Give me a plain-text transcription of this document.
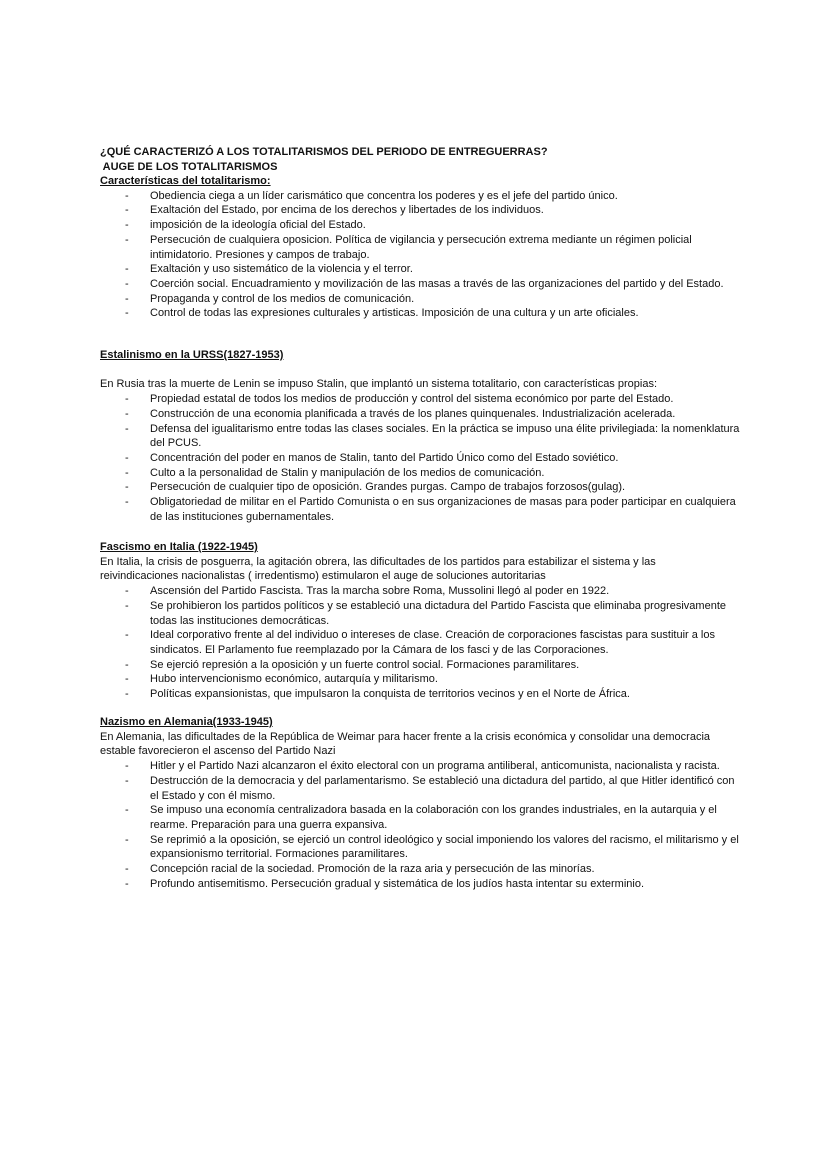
¿QUÉ CARACTERIZÓ A LOS TOTALITARISMOS DEL PERIODO DE ENTREGUERRAS?
AUGE DE LOS TOTALITARISMOS
Características del totalitarismo:
- Obediencia ciega a un líder carismático que concentra los poderes y es el jefe del partido único.
- Exaltación del Estado, por encima de los derechos y libertades de los individuos.
- imposición de la ideología oficial del Estado.
- Persecución de cualquiera oposicion. Política de vigilancia y persecución extrema mediante un régimen policial intimidatorio. Presiones y campos de trabajo.
- Exaltación y uso sistemático de la violencia y el terror.
- Coerción social. Encuadramiento y movilización de las masas a través de las organizaciones del partido y del Estado.
- Propaganda y control de los medios de comunicación.
- Control de todas las expresiones culturales y artisticas. Imposición de una cultura y un arte oficiales.
Estalinismo en la URSS(1827-1953)

En Rusia tras la muerte de Lenin se impuso Stalin, que implantó un sistema totalitario, con características propias:

- Propiedad estatal de todos los medios de producción y control del sistema económico por parte del Estado.
- Construcción de una economia planificada a través de los planes quinquenales. Industrialización acelerada.
- Defensa del igualitarismo entre todas las clases sociales. En la práctica se impuso una élite privilegiada: la nomenklatura del PCUS.
- Concentración del poder en manos de Stalin, tanto del Partido Único como del Estado soviético.
- Culto a la personalidad de Stalin y manipulación de los medios de comunicación.
- Persecución de cualquier tipo de oposición. Grandes purgas. Campo de trabajos forzosos(gulag).
- Obligatoriedad de militar en el Partido Comunista o en sus organizaciones de masas para poder participar en cualquiera de las instituciones gubernamentales.
Fascismo en Italia (1922-1945)

En Italia, la crisis de posguerra, la agitación obrera, las dificultades de los partidos para estabilizar el sistema y las reivindicaciones nacionalistas ( irredentismo) estimularon el auge de soluciones autoritarias

- Ascensión del Partido Fascista. Tras la marcha sobre Roma, Mussolini llegó al poder en 1922.
- Se prohibieron los partidos políticos y se estableció una dictadura del Partido Fascista que eliminaba progresivamente todas las instituciones democráticas.
- Ideal corporativo frente al del individuo o intereses de clase. Creación de corporaciones fascistas para sustituir a los sindicatos. El Parlamento fue reemplazado por la Cámara de los fasci y de las Corporaciones.
- Se ejerció represión a la oposición y un fuerte control social. Formaciones paramilitares.
- Hubo intervencionismo económico, autarquía y militarismo.
- Políticas expansionistas, que impulsaron la conquista de territorios vecinos y en el Norte de África.
Nazismo en Alemania(1933-1945)

En Alemania, las dificultades de la República de Weimar para hacer frente a la crisis económica y consolidar una democracia estable favorecieron el ascenso del Partido Nazi

- Hitler y el Partido Nazi alcanzaron el éxito electoral con un programa antiliberal, anticomunista, nacionalista y racista.
- Destrucción de la democracia y del parlamentarismo. Se estableció una dictadura del partido, al que Hitler identificó con el Estado y con él mismo.
- Se impuso una economía centralizadora basada en la colaboración con los grandes industriales, en la autarquia y el rearme. Preparación para una guerra expansiva.
- Se reprimió a la oposición, se ejerció un control ideológico y social imponiendo los valores del racismo, el militarismo y el expansionismo territorial. Formaciones paramilitares.
- Concepción racial de la sociedad. Promoción de la raza aria y persecución de las minorías.
- Profundo antisemitismo. Persecución gradual y sistemática de los judíos hasta intentar su exterminio.
